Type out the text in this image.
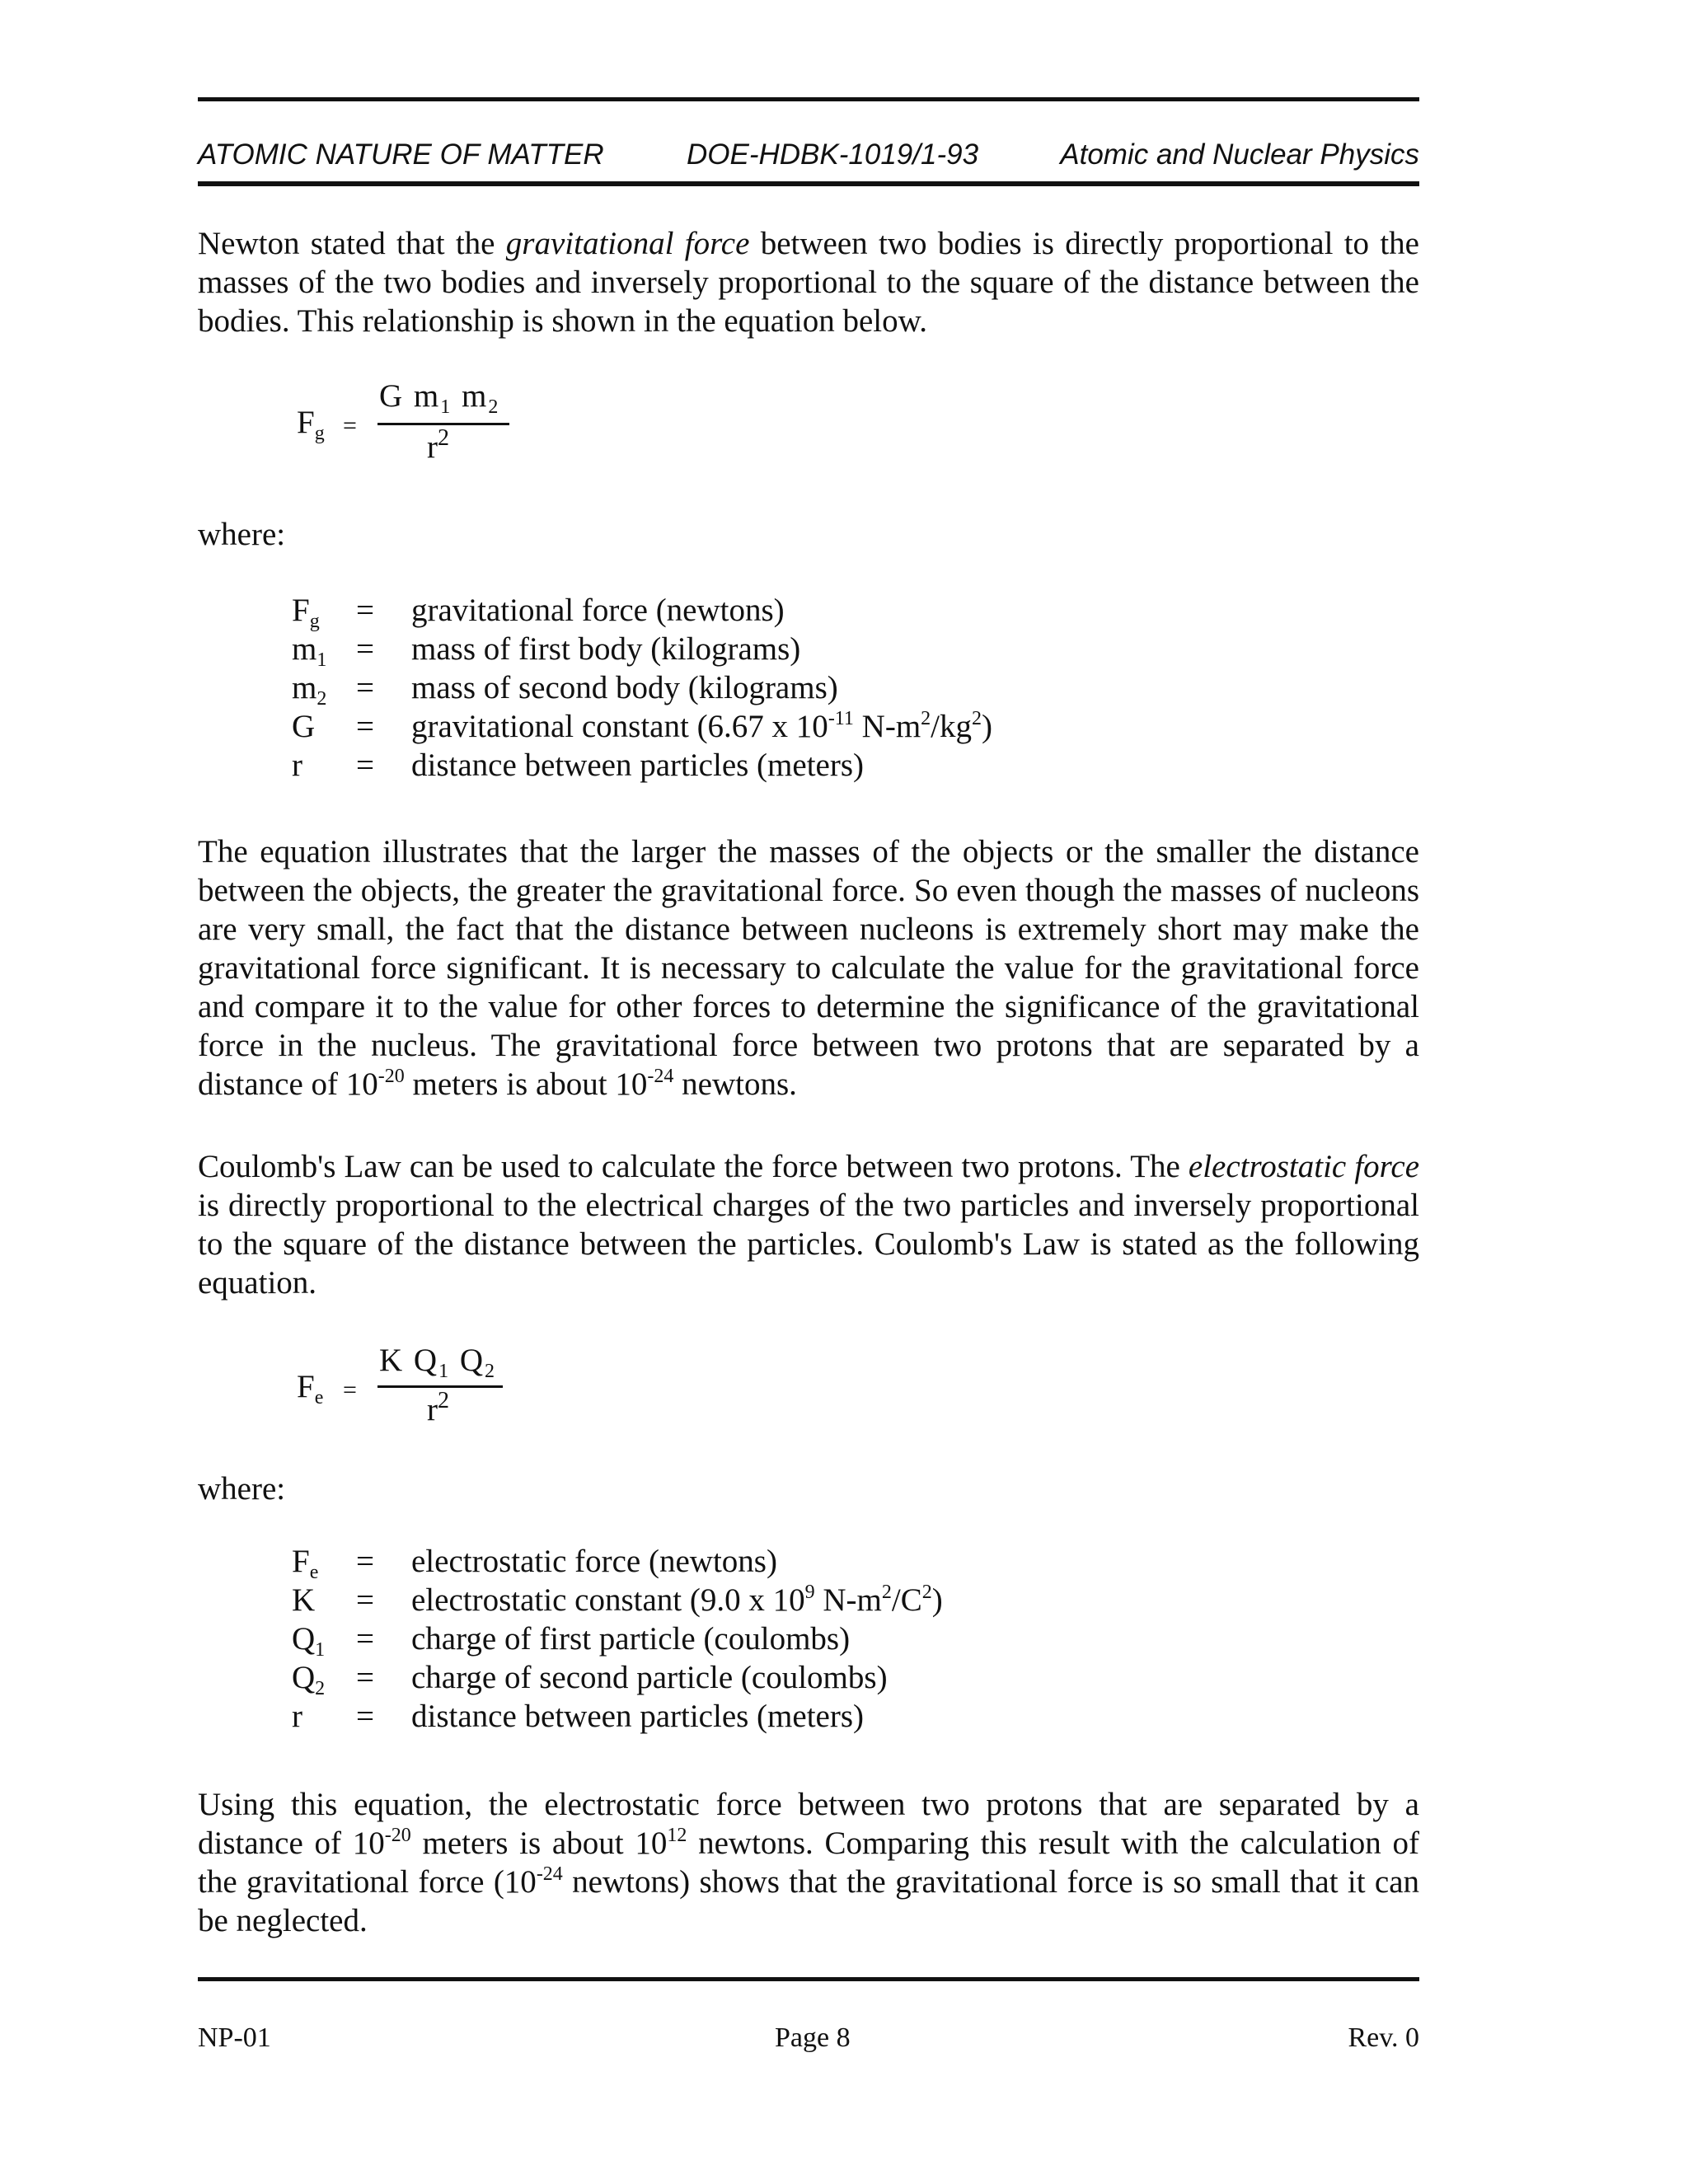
ATOMIC NATURE OF MATTER	DOE-HDBK-1019/1-93	Atomic and Nuclear Physics
Newton stated that the gravitational force between two bodies is directly proportional to the masses of the two bodies and inversely proportional to the square of the distance between the bodies. This relationship is shown in the equation below.
$F_g$ =
G $m_1$ $m_2$
$r^2$
where:
$F_g$ = gravitational force (newtons)
$m_1$ = mass of first body (kilograms)
$m_2$ = mass of second body (kilograms)
G = gravitational constant (6.67 x $10^{-11}$ $N-m^2/kg^2$)
r = distance between particles (meters)
The equation illustrates that the larger the masses of the objects or the smaller the distance between the objects, the greater the gravitational force. So even though the masses of nucleons are very small, the fact that the distance between nucleons is extremely short may make the gravitational force significant. It is necessary to calculate the value for the gravitational force and compare it to the value for other forces to determine the significance of the gravitational force in the nucleus. The gravitational force between two protons that are separated by a distance of $10^{-20}$ meters is about $10^{-24}$ newtons.
Coulomb's Law can be used to calculate the force between two protons. The electrostatic force is directly proportional to the electrical charges of the two particles and inversely proportional to the square of the distance between the particles. Coulomb's Law is stated as the following equation.
$F_e$ =
K $Q_1$ $Q_2$
$r^2$
where:
$F_e$ = electrostatic force (newtons)
K = electrostatic constant (9.0 x $10^9$ $N-m^2/C^2$)
$Q_1$ = charge of first particle (coulombs)
$Q_2$ = charge of second particle (coulombs)
r = distance between particles (meters)
Using this equation, the electrostatic force between two protons that are separated by a distance of $10^{-20}$ meters is about $10^{12}$ newtons. Comparing this result with the calculation of the gravitational force ($10^{-24}$ newtons) shows that the gravitational force is so small that it can be neglected.
NP-01	Page 8	Rev. 0
